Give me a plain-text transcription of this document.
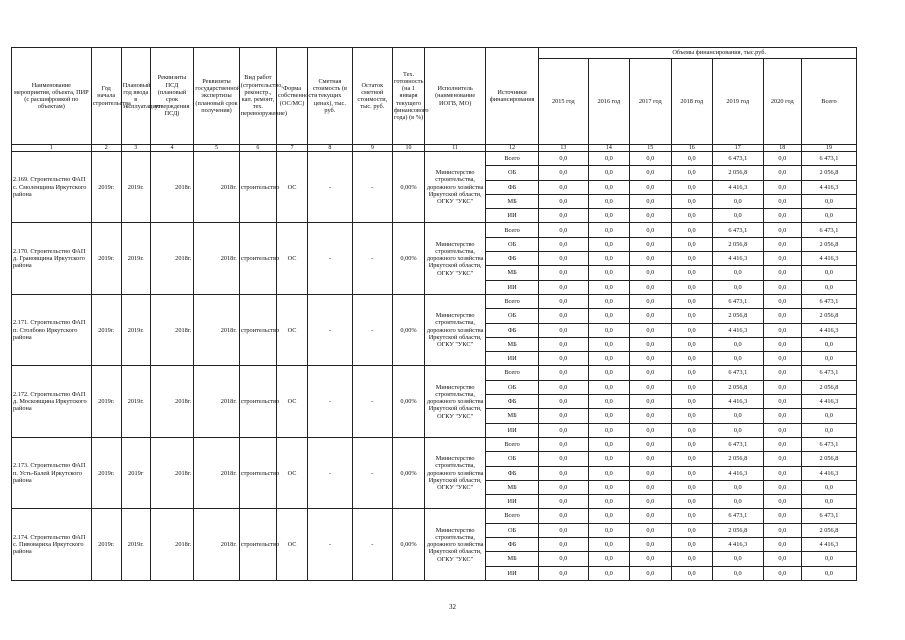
Наименование мероприятия, объекта, ПИР (с расшифровкой по объектам)	Год начала строительства	Плановый год ввода в эксплуатацию	Реквизиты ПСД (плановый срок утверждения ПСД)	Реквизиты государственной экспертизы (плановый срок получения)	Вид работ (строительство, реконстр., кап. ремонт, тех. перевооружение)	Форма собственности (ОС/МС)	Сметная стоимость (в текущих ценах), тыс. руб.	Остаток сметной стоимости, тыс. руб.	Тех. готовность (на 1 января текущего финансового года) (в %)	Исполнитель (наименование ИОГВ, МО)	Источники финансирования	Объемы финансирования, тыс.руб.						
												2015 год	2016 год	2017 год	2018 год	2019 год	2020 год	Всего
1	2	3	4	5	6	7	8	9	10	11	12	13	14	15	16	17	18	19
2.169. Строительство ФАП с. Смоленщина Иркутского района	2019г.	2019г.	2018г.	2018г.	строительство	ОС	-	-	0,00%	Министерство строительства, дорожного хозяйства Иркутской области, ОГКУ "УКС"	Всего	0,0	0,0	0,0	0,0	6 473,1	0,0	6 473,1
											ОБ	0,0	0,0	0,0	0,0	2 056,8	0,0	2 056,8
											ФБ	0,0	0,0	0,0	0,0	4 416,3	0,0	4 416,3
											МБ	0,0	0,0	0,0	0,0	0,0	0,0	0,0
											ИИ	0,0	0,0	0,0	0,0	0,0	0,0	0,0
2.170. Строительство ФАП д. Грановщина Иркутского района	2019г.	2019г.	2018г.	2018г.	строительство	ОС	-	-	0,00%	Министерство строительства, дорожного хозяйства Иркутской области, ОГКУ "УКС"	Всего	0,0	0,0	0,0	0,0	6 473,1	0,0	6 473,1
											ОБ	0,0	0,0	0,0	0,0	2 056,8	0,0	2 056,8
											ФБ	0,0	0,0	0,0	0,0	4 416,3	0,0	4 416,3
											МБ	0,0	0,0	0,0	0,0	0,0	0,0	0,0
											ИИ	0,0	0,0	0,0	0,0	0,0	0,0	0,0
2.171. Строительство ФАП п. Столбово Иркутского района	2019г.	2019г.	2018г.	2018г.	строительство	ОС	-	-	0,00%	Министерство строительства, дорожного хозяйства Иркутской области, ОГКУ "УКС"	Всего	0,0	0,0	0,0	0,0	6 473,1	0,0	6 473,1
											ОБ	0,0	0,0	0,0	0,0	2 056,8	0,0	2 056,8
											ФБ	0,0	0,0	0,0	0,0	4 416,3	0,0	4 416,3
											МБ	0,0	0,0	0,0	0,0	0,0	0,0	0,0
											ИИ	0,0	0,0	0,0	0,0	0,0	0,0	0,0
2.172. Строительство ФАП д. Московщина Иркутского района	2019г.	2019г.	2018г.	2018г.	строительство	ОС	-	-	0,00%	Министерство строительства, дорожного хозяйства Иркутской области, ОГКУ "УКС"	Всего	0,0	0,0	0,0	0,0	6 473,1	0,0	6 473,1
											ОБ	0,0	0,0	0,0	0,0	2 056,8	0,0	2 056,8
											ФБ	0,0	0,0	0,0	0,0	4 416,3	0,0	4 416,3
											МБ	0,0	0,0	0,0	0,0	0,0	0,0	0,0
											ИИ	0,0	0,0	0,0	0,0	0,0	0,0	0,0
2.173. Строительство ФАП п. Усть-Балей Иркутского района	2019г.	2019г	2018г.	2018г.	строительство	ОС	-	-	0,00%	Министерство строительства, дорожного хозяйства Иркутской области, ОГКУ "УКС"	Всего	0,0	0,0	0,0	0,0	6 473,1	0,0	6 473,1
											ОБ	0,0	0,0	0,0	0,0	2 056,8	0,0	2 056,8
											ФБ	0,0	0,0	0,0	0,0	4 416,3	0,0	4 416,3
											МБ	0,0	0,0	0,0	0,0	0,0	0,0	0,0
											ИИ	0,0	0,0	0,0	0,0	0,0	0,0	0,0
2.174. Строительство ФАП с. Пивовариха Иркутского района	2019г.	2019г.	2018г.	2018г.	строительство	ОС	-	-	0,00%	Министерство строительства, дорожного хозяйства Иркутской области, ОГКУ "УКС"	Всего	0,0	0,0	0,0	0,0	6 473,1	0,0	6 473,1
											ОБ	0,0	0,0	0,0	0,0	2 056,8	0,0	2 056,8
											ФБ	0,0	0,0	0,0	0,0	4 416,3	0,0	4 416,3
											МБ	0,0	0,0	0,0	0,0	0,0	0,0	0,0
											ИИ	0,0	0,0	0,0	0,0	0,0	0,0	0,0
32
